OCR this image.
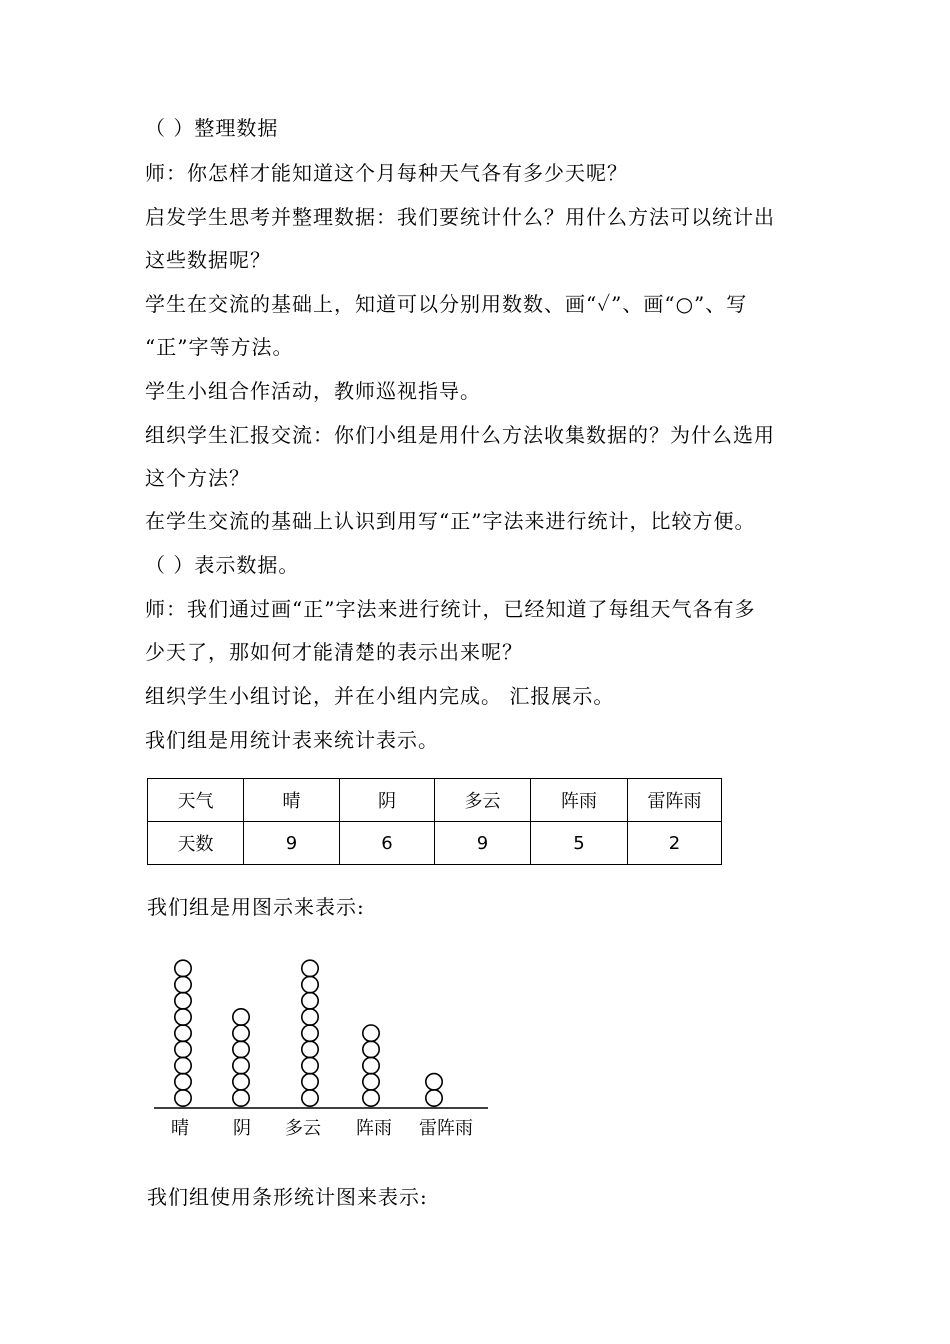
（ ）整理数据
师：你怎样才能知道这个月每种天气各有多少天呢？
启发学生思考并整理数据：我们要统计什么？用什么方法可以统计出
这些数据呢？
学生在交流的基础上，知道可以分别用数数、画“✓”、画“○”、写
“正”字等方法。
学生小组合作活动，教师巡视指导。
组织学生汇报交流：你们小组是用什么方法收集数据的？为什么选用
这个方法？
在学生交流的基础上认识到用写“正”字法来进行统计，比较方便。
（ ）表示数据。
师：我们通过画“正”字法来进行统计，已经知道了每组天气各有多
少天了，那如何才能清楚的表示出来呢？
组织学生小组讨论，并在小组内完成。 汇报展示。
我们组是用统计表来统计表示。
天气	晴	阴	多云	阵雨	雷阵雨
天数	9	6	9	5	2
我们组是用图示来表示:
晴 阴 多云 阵雨 雷阵雨
我们组使用条形统计图来表示:
